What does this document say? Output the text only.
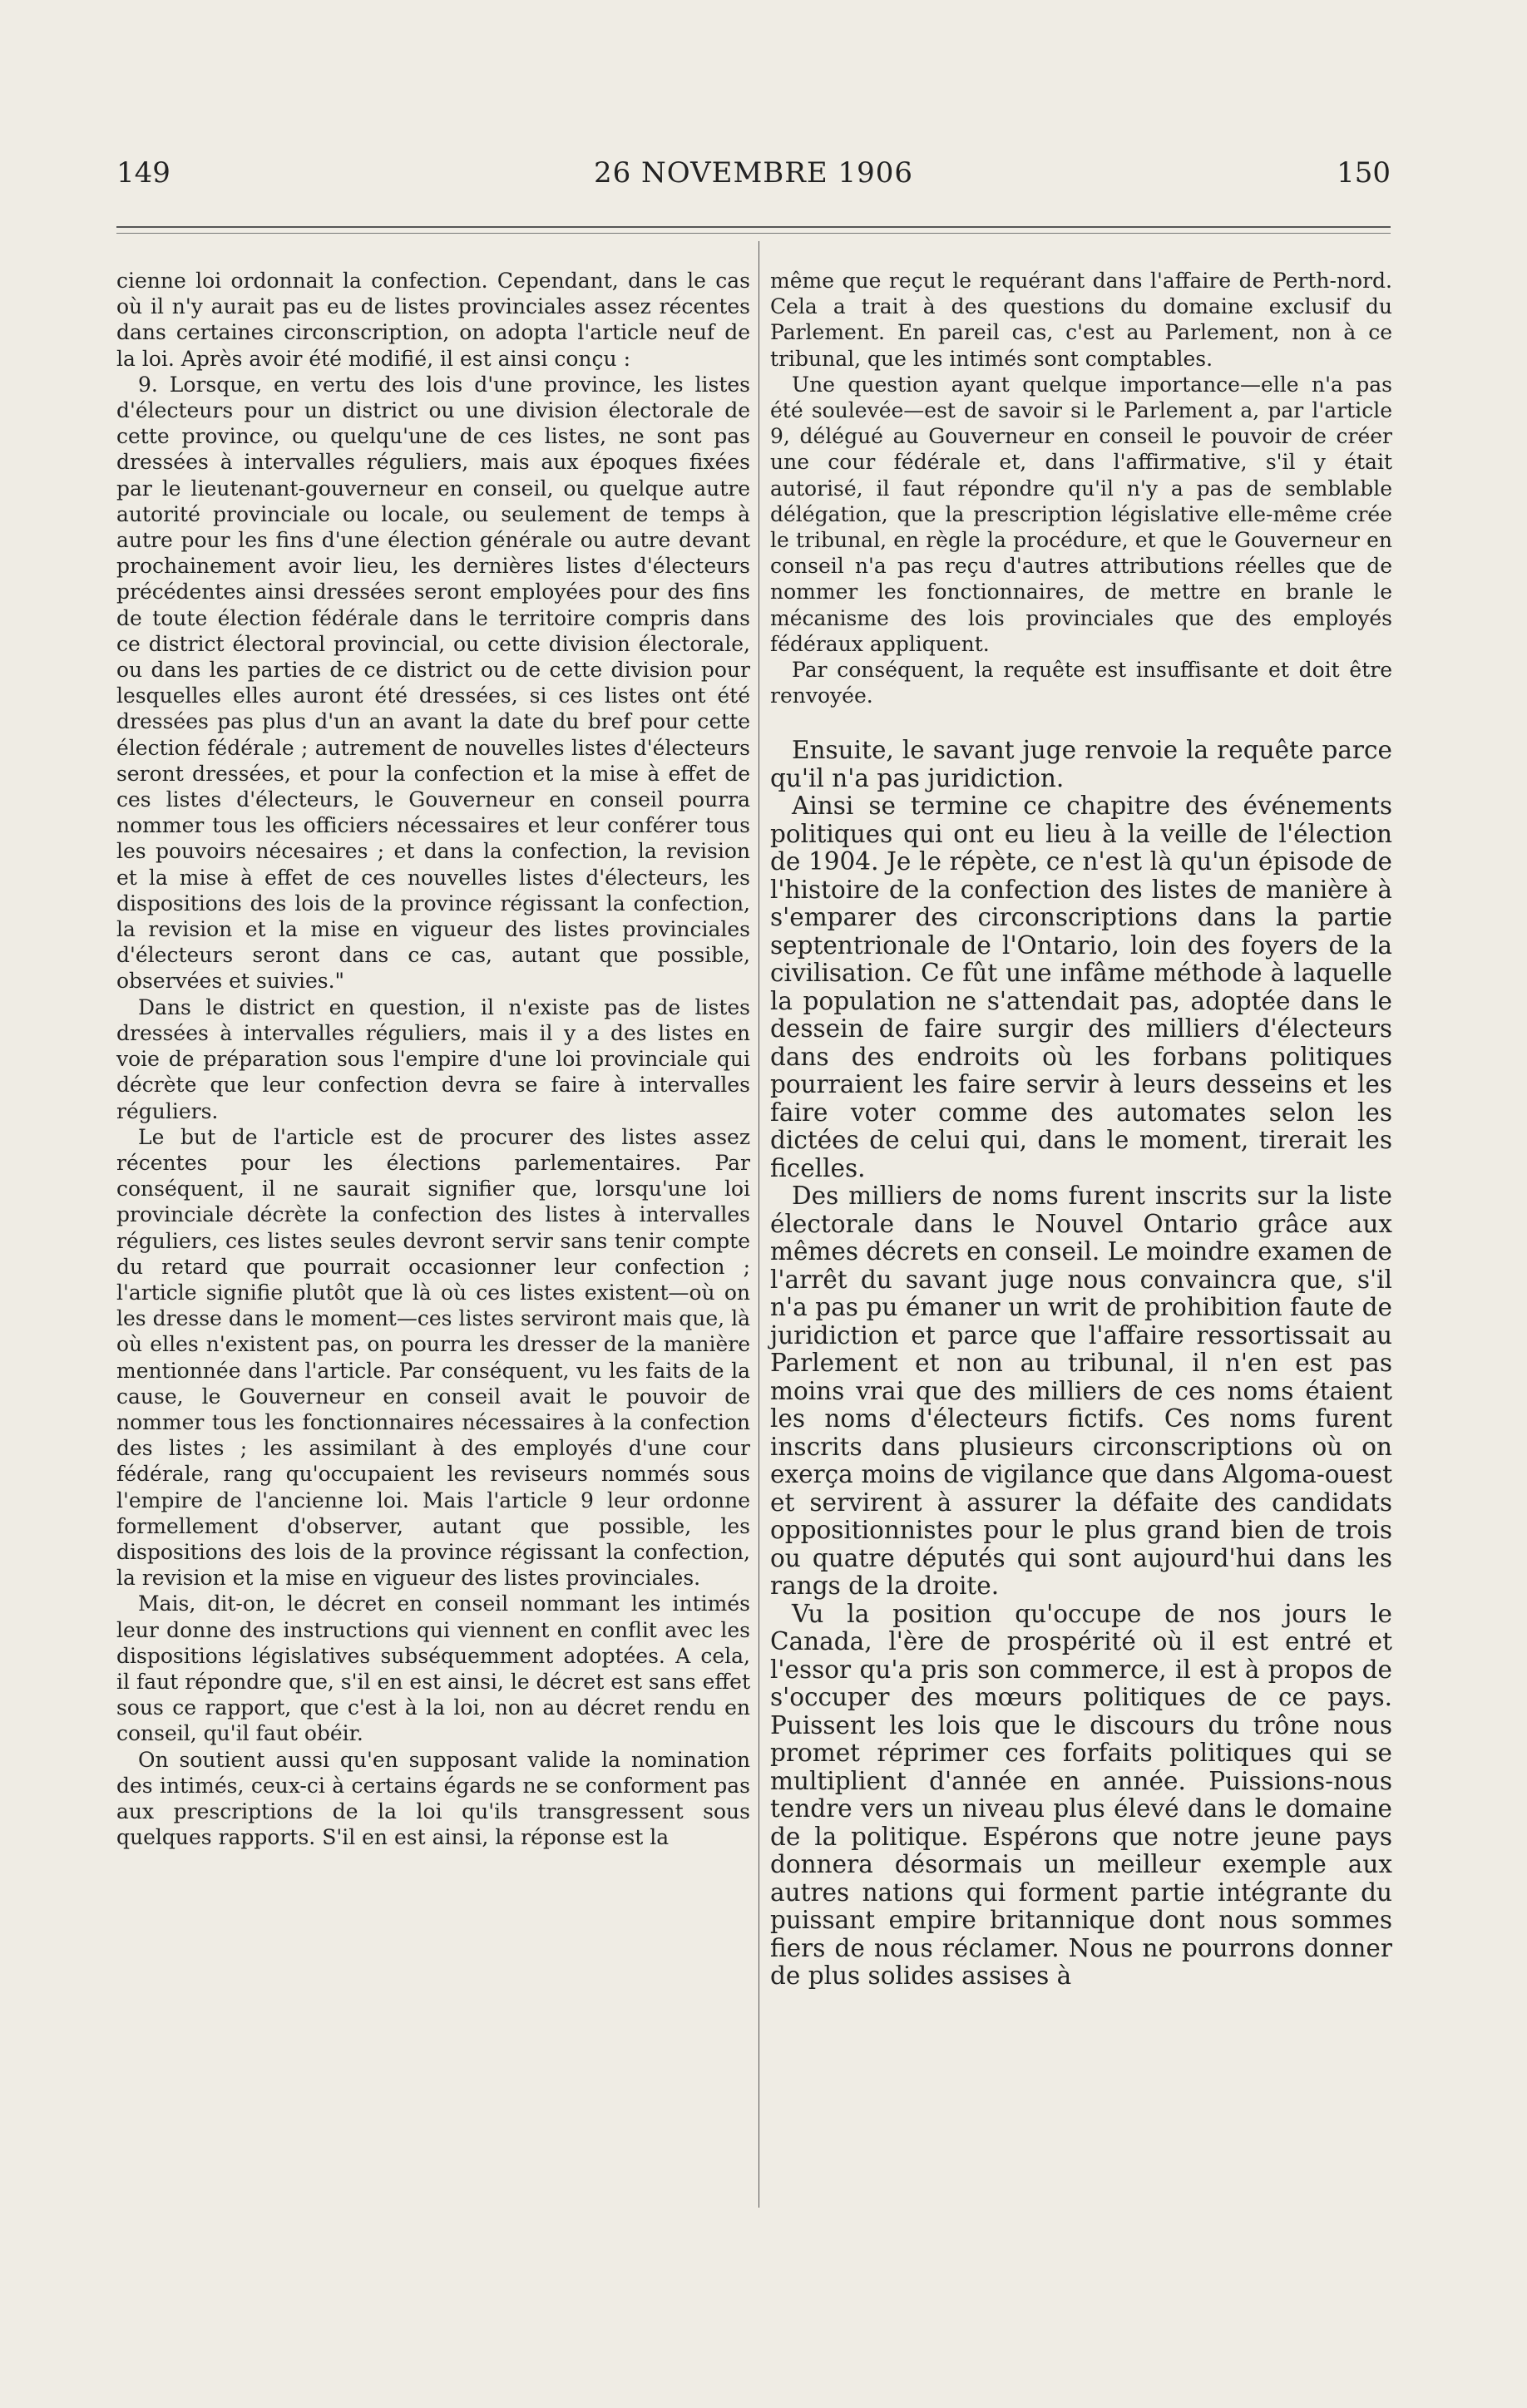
149	26 NOVEMBRE 1906	150

cienne loi ordonnait la confection. Cependant, dans le cas où il n'y aurait pas eu de listes provinciales assez récentes dans certaines circonscription, on adopta l'article neuf de la loi. Après avoir été modifié, il est ainsi conçu :

9. Lorsque, en vertu des lois d'une province, les listes d'électeurs pour un district ou une division électorale de cette province, ou quelqu'une de ces listes, ne sont pas dressées à intervalles réguliers, mais aux époques fixées par le lieutenant-gouverneur en conseil, ou quelque autre autorité provinciale ou locale, ou seulement de temps à autre pour les fins d'une élection générale ou autre devant prochainement avoir lieu, les dernières listes d'électeurs précédentes ainsi dressées seront employées pour des fins de toute élection fédérale dans le territoire compris dans ce district électoral provincial, ou cette division électorale, ou dans les parties de ce district ou de cette division pour lesquelles elles auront été dressées, si ces listes ont été dressées pas plus d'un an avant la date du bref pour cette élection fédérale ; autrement de nouvelles listes d'électeurs seront dressées, et pour la confection et la mise à effet de ces listes d'électeurs, le Gouverneur en conseil pourra nommer tous les officiers nécessaires et leur conférer tous les pouvoirs nécesaires ; et dans la confection, la revision et la mise à effet de ces nouvelles listes d'électeurs, les dispositions des lois de la province régissant la confection, la revision et la mise en vigueur des listes provinciales d'électeurs seront dans ce cas, autant que possible, observées et suivies."

Dans le district en question, il n'existe pas de listes dressées à intervalles réguliers, mais il y a des listes en voie de préparation sous l'empire d'une loi provinciale qui décrète que leur confection devra se faire à intervalles réguliers.

Le but de l'article est de procurer des listes assez récentes pour les élections parlementaires. Par conséquent, il ne saurait signifier que, lorsqu'une loi provinciale décrète la confection des listes à intervalles réguliers, ces listes seules devront servir sans tenir compte du retard que pourrait occasionner leur confection ; l'article signifie plutôt que là où ces listes existent—où on les dresse dans le moment—ces listes serviront mais que, là où elles n'existent pas, on pourra les dresser de la manière mentionnée dans l'article. Par conséquent, vu les faits de la cause, le Gouverneur en conseil avait le pouvoir de nommer tous les fonctionnaires nécessaires à la confection des listes ; les assimilant à des employés d'une cour fédérale, rang qu'occupaient les reviseurs nommés sous l'empire de l'ancienne loi. Mais l'article 9 leur ordonne formellement d'observer, autant que possible, les dispositions des lois de la province régissant la confection, la revision et la mise en vigueur des listes provinciales.

Mais, dit-on, le décret en conseil nommant les intimés leur donne des instructions qui viennent en conflit avec les dispositions législatives subséquemment adoptées. A cela, il faut répondre que, s'il en est ainsi, le décret est sans effet sous ce rapport, que c'est à la loi, non au décret rendu en conseil, qu'il faut obéir.

On soutient aussi qu'en supposant valide la nomination des intimés, ceux-ci à certains égards ne se conforment pas aux prescriptions de la loi qu'ils transgressent sous quelques rapports. S'il en est ainsi, la réponse est la

même que reçut le requérant dans l'affaire de Perth-nord. Cela a trait à des questions du domaine exclusif du Parlement. En pareil cas, c'est au Parlement, non à ce tribunal, que les intimés sont comptables.

Une question ayant quelque importance—elle n'a pas été soulevée—est de savoir si le Parlement a, par l'article 9, délégué au Gouverneur en conseil le pouvoir de créer une cour fédérale et, dans l'affirmative, s'il y était autorisé, il faut répondre qu'il n'y a pas de semblable délégation, que la prescription législative elle-même crée le tribunal, en règle la procédure, et que le Gouverneur en conseil n'a pas reçu d'autres attributions réelles que de nommer les fonctionnaires, de mettre en branle le mécanisme des lois provinciales que des employés fédéraux appliquent.

Par conséquent, la requête est insuffisante et doit être renvoyée.

Ensuite, le savant juge renvoie la requête parce qu'il n'a pas juridiction.

Ainsi se termine ce chapitre des événements politiques qui ont eu lieu à la veille de l'élection de 1904. Je le répète, ce n'est là qu'un épisode de l'histoire de la confection des listes de manière à s'emparer des circonscriptions dans la partie septentrionale de l'Ontario, loin des foyers de la civilisation. Ce fût une infâme méthode à laquelle la population ne s'attendait pas, adoptée dans le dessein de faire surgir des milliers d'électeurs dans des endroits où les forbans politiques pourraient les faire servir à leurs desseins et les faire voter comme des automates selon les dictées de celui qui, dans le moment, tirerait les ficelles.

Des milliers de noms furent inscrits sur la liste électorale dans le Nouvel Ontario grâce aux mêmes décrets en conseil. Le moindre examen de l'arrêt du savant juge nous convaincra que, s'il n'a pas pu émaner un writ de prohibition faute de juridiction et parce que l'affaire ressortissait au Parlement et non au tribunal, il n'en est pas moins vrai que des milliers de ces noms étaient les noms d'électeurs fictifs. Ces noms furent inscrits dans plusieurs circonscriptions où on exerça moins de vigilance que dans Algoma-ouest et servirent à assurer la défaite des candidats oppositionnistes pour le plus grand bien de trois ou quatre députés qui sont aujourd'hui dans les rangs de la droite.

Vu la position qu'occupe de nos jours le Canada, l'ère de prospérité où il est entré et l'essor qu'a pris son commerce, il est à propos de s'occuper des mœurs politiques de ce pays. Puissent les lois que le discours du trône nous promet réprimer ces forfaits politiques qui se multiplient d'année en année. Puissions-nous tendre vers un niveau plus élevé dans le domaine de la politique. Espérons que notre jeune pays donnera désormais un meilleur exemple aux autres nations qui forment partie intégrante du puissant empire britannique dont nous sommes fiers de nous réclamer. Nous ne pourrons donner de plus solides assises à
